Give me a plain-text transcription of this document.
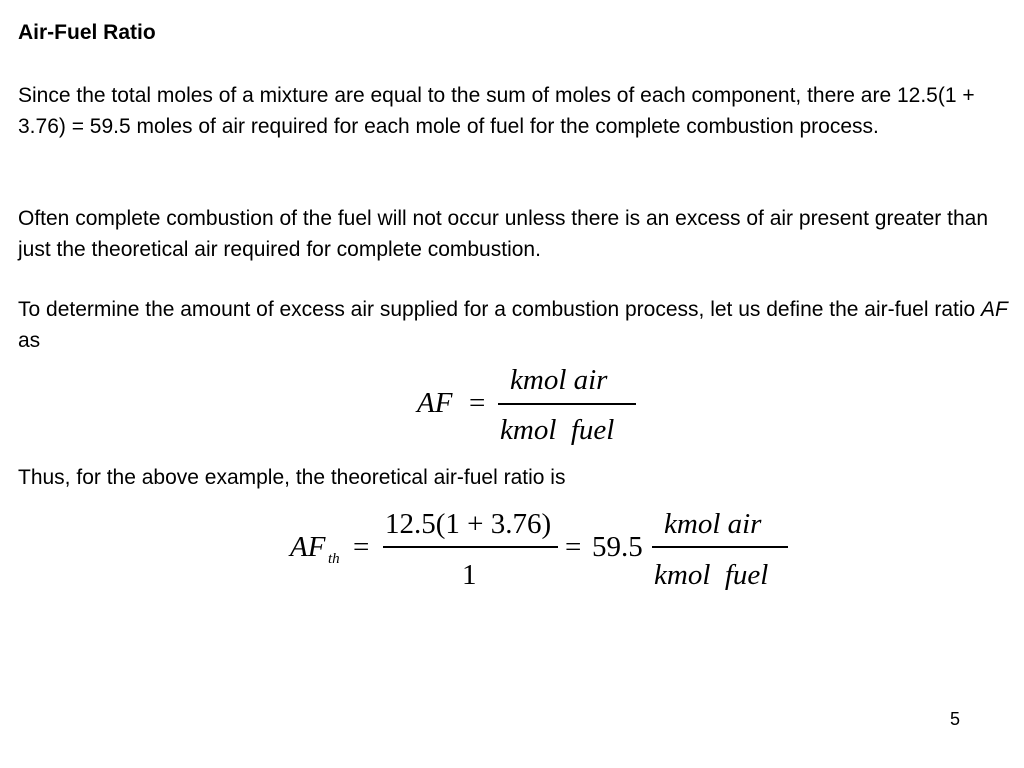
Air-Fuel Ratio

Since the total moles of a mixture are equal to the sum of moles of each component, there are 12.5(1 + 3.76) = 59.5 moles of air required for each mole of fuel for the complete combustion process.

Often complete combustion of the fuel will not occur unless there is an excess of air present greater than just the theoretical air required for complete combustion.

To determine the amount of excess air supplied for a combustion process, let us define the air-fuel ratio AF as

AF =
kmol air
kmol  fuel

Thus, for the above example, the theoretical air-fuel ratio is

AF th =
12.5(1 + 3.76)
1
= 59.5
kmol air
kmol  fuel
5
